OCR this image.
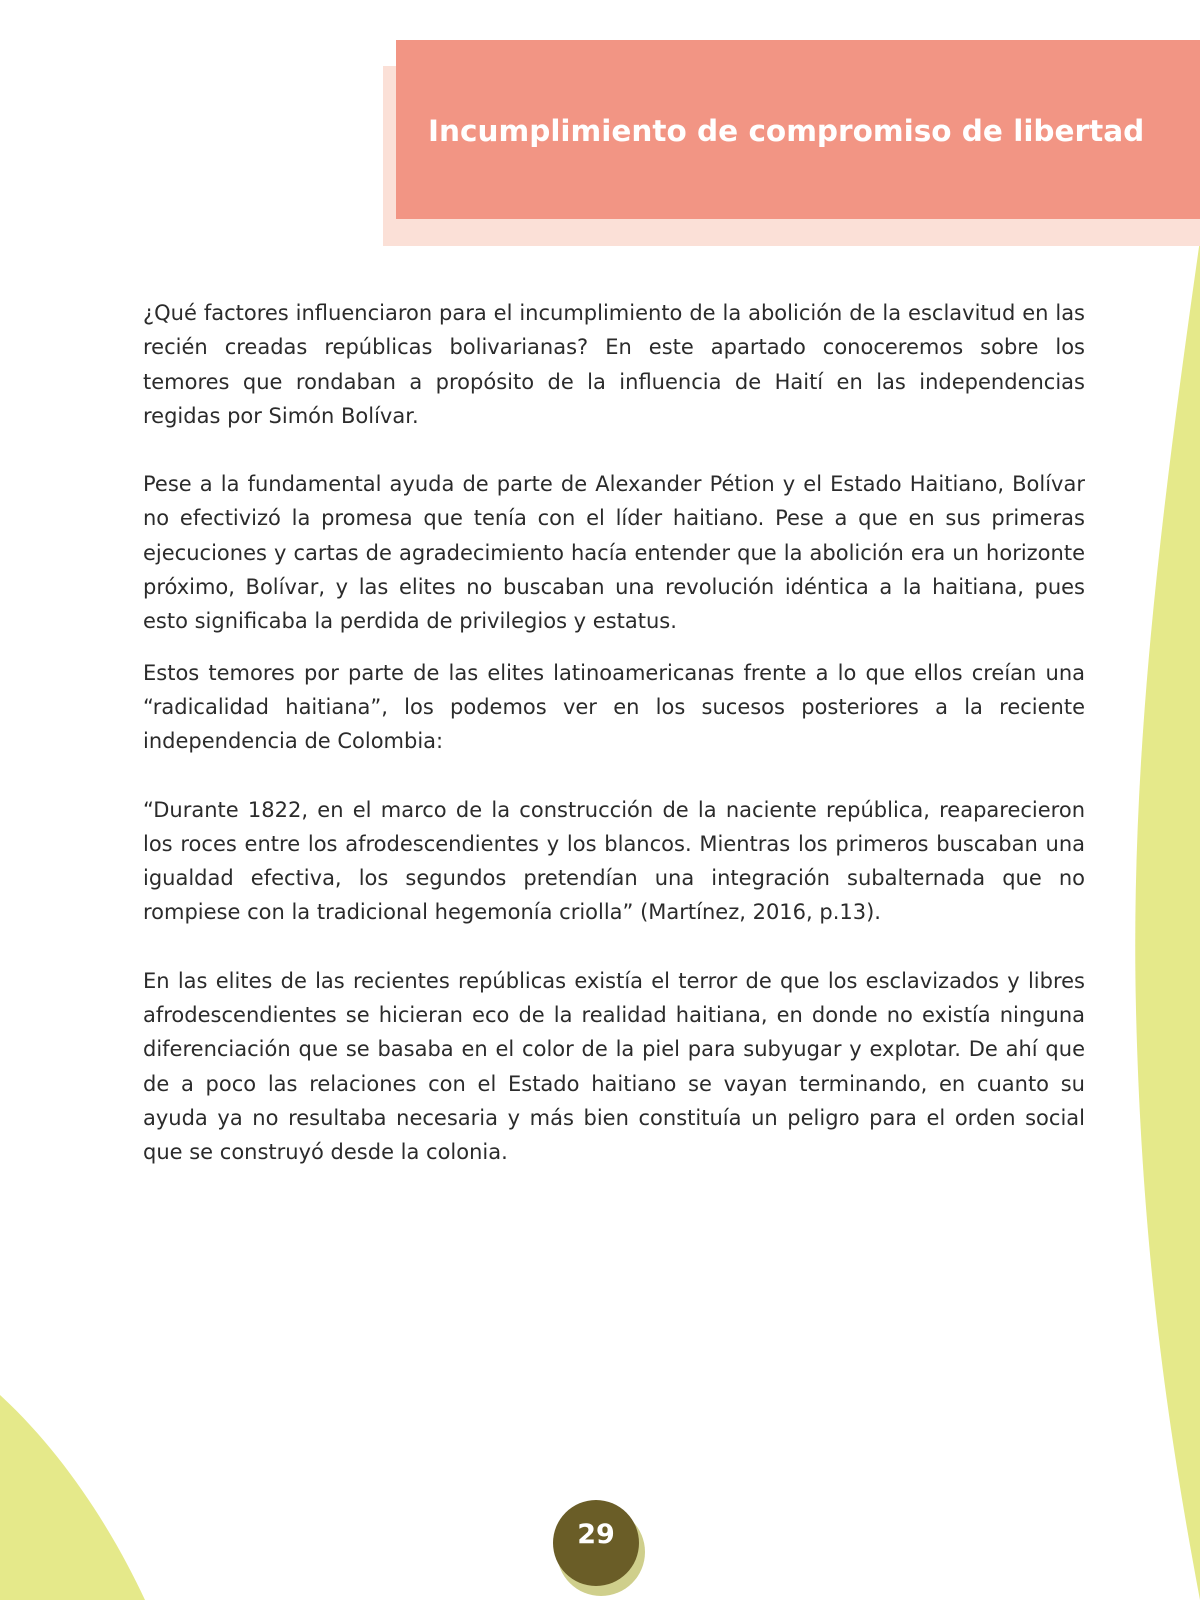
Incumplimiento de compromiso de libertad

¿Qué factores influenciaron para el incumplimiento de la abolición de la esclavitud en las recién creadas repúblicas bolivarianas? En este apartado conoceremos sobre los temores que rondaban a propósito de la influencia de Haití en las independencias regidas por Simón Bolívar.

Pese a la fundamental ayuda de parte de Alexander Pétion y el Estado Haitiano, Bolívar no efectivizó la promesa que tenía con el líder haitiano. Pese a que en sus primeras ejecuciones y cartas de agradecimiento hacía entender que la abolición era un horizonte próximo, Bolívar, y las elites no buscaban una revolución idéntica a la haitiana, pues esto significaba la perdida de privilegios y estatus.

Estos temores por parte de las elites latinoamericanas frente a lo que ellos creían una “radicalidad haitiana”, los podemos ver en los sucesos posteriores a la reciente independencia de Colombia:

“Durante 1822, en el marco de la construcción de la naciente república, reaparecieron los roces entre los afrodescendientes y los blancos. Mientras los primeros buscaban una igualdad efectiva, los segundos pretendían una integración subalternada que no rompiese con la tradicional hegemonía criolla” (Martínez, 2016, p.13).

En las elites de las recientes repúblicas existía el terror de que los esclavizados y libres afrodescendientes se hicieran eco de la realidad haitiana, en donde no existía ninguna diferenciación que se basaba en el color de la piel para subyugar y explotar. De ahí que de a poco las relaciones con el Estado haitiano se vayan terminando, en cuanto su ayuda ya no resultaba necesaria y más bien constituía un peligro para el orden social que se construyó desde la colonia.

29
